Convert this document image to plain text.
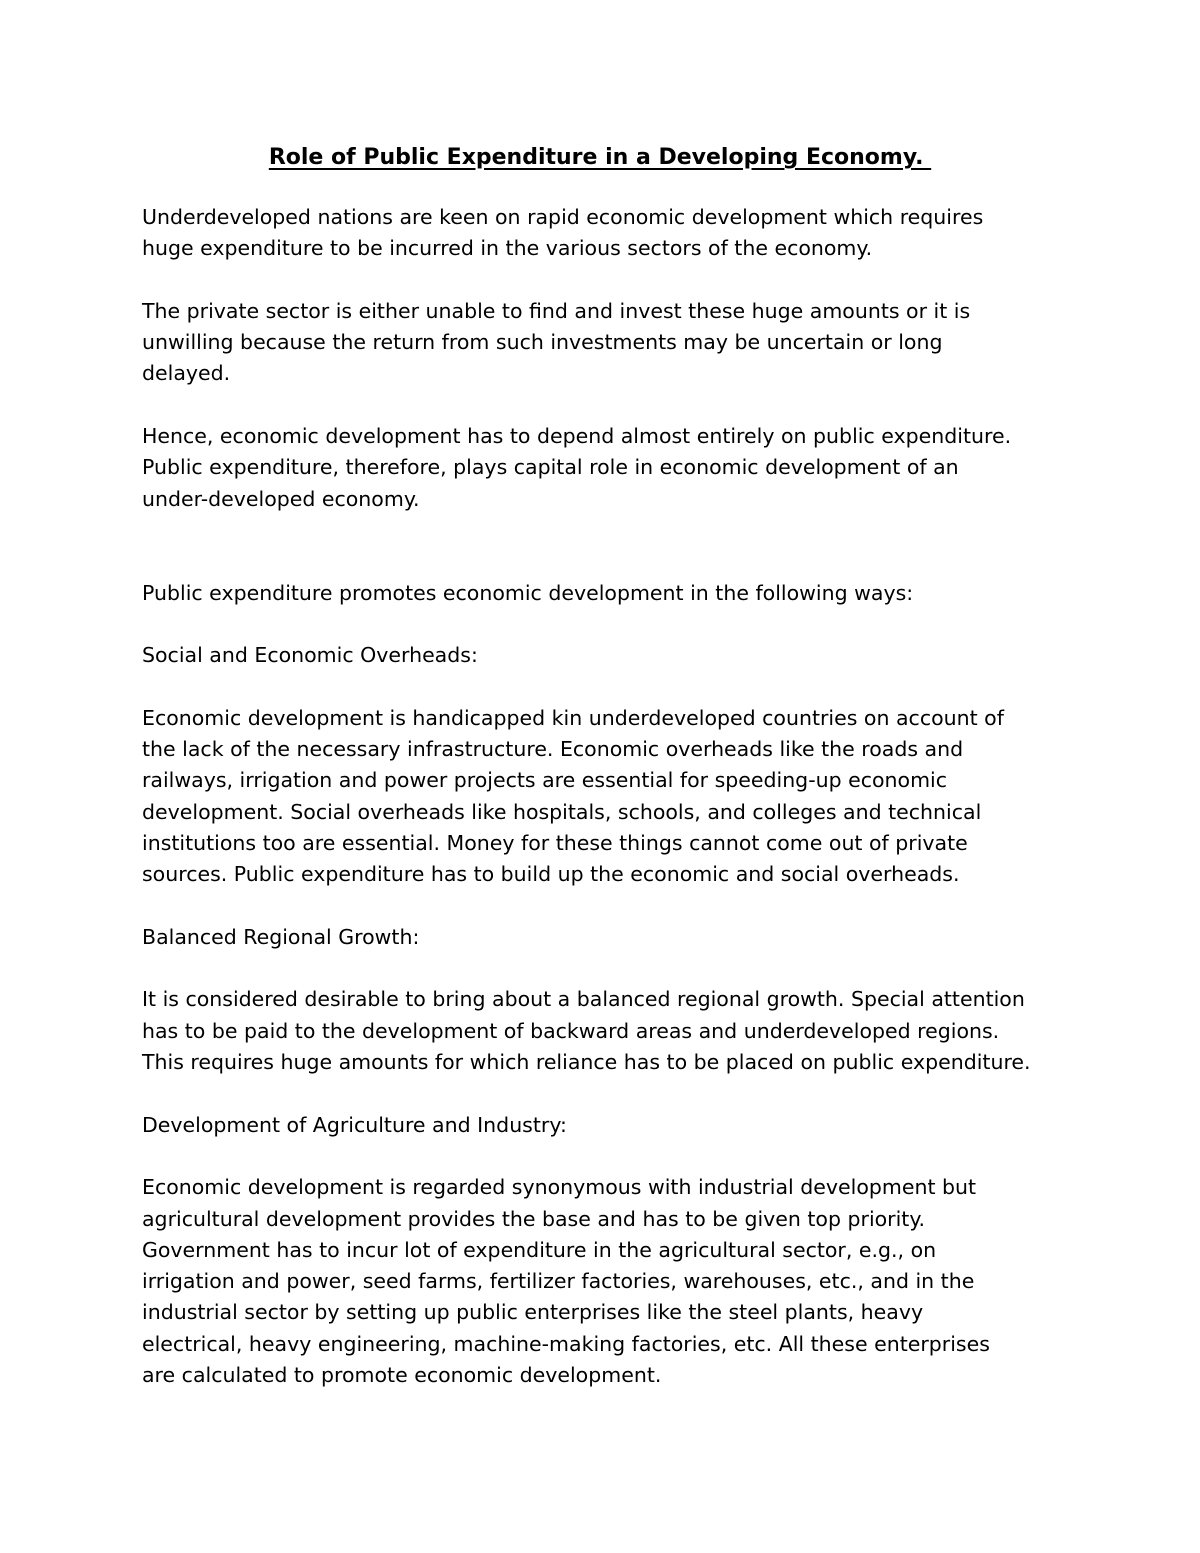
Role of Public Expenditure in a Developing Economy.

Underdeveloped nations are keen on rapid economic development which requires
huge expenditure to be incurred in the various sectors of the economy.

The private sector is either unable to find and invest these huge amounts or it is
unwilling because the return from such investments may be uncertain or long
delayed.

Hence, economic development has to depend almost entirely on public expenditure.
Public expenditure, therefore, plays capital role in economic development of an
under-developed economy.

Public expenditure promotes economic development in the following ways:

Social and Economic Overheads:

Economic development is handicapped kin underdeveloped countries on account of
the lack of the necessary infrastructure. Economic overheads like the roads and
railways, irrigation and power projects are essential for speeding-up economic
development. Social overheads like hospitals, schools, and colleges and technical
institutions too are essential. Money for these things cannot come out of private
sources. Public expenditure has to build up the economic and social overheads.

Balanced Regional Growth:

It is considered desirable to bring about a balanced regional growth. Special attention
has to be paid to the development of backward areas and underdeveloped regions.
This requires huge amounts for which reliance has to be placed on public expenditure.

Development of Agriculture and Industry:

Economic development is regarded synonymous with industrial development but
agricultural development provides the base and has to be given top priority.
Government has to incur lot of expenditure in the agricultural sector, e.g., on
irrigation and power, seed farms, fertilizer factories, warehouses, etc., and in the
industrial sector by setting up public enterprises like the steel plants, heavy
electrical, heavy engineering, machine-making factories, etc. All these enterprises
are calculated to promote economic development.
